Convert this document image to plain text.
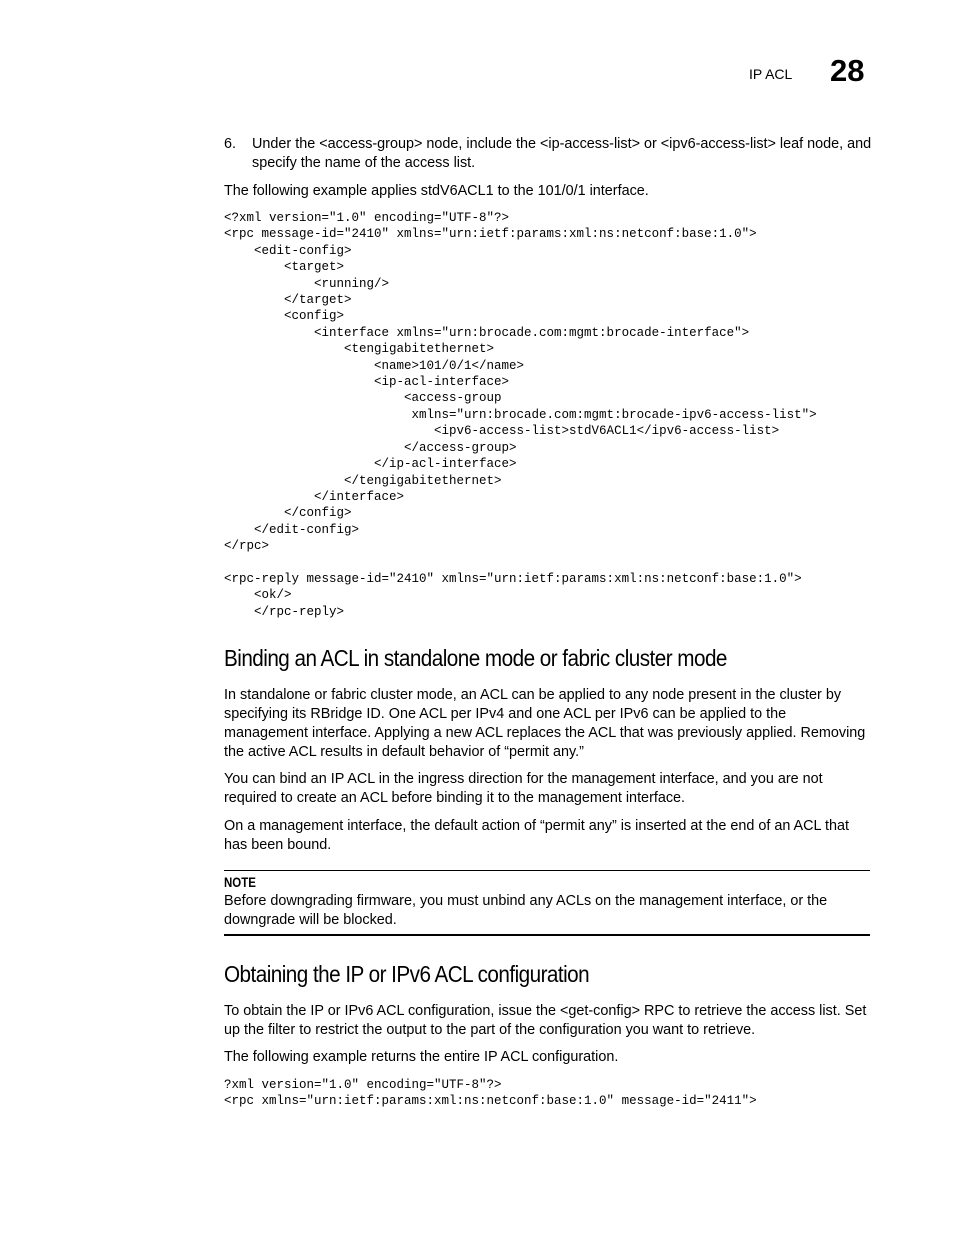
IP ACL 28
6. Under the <access-group> node, include the <ip-access-list> or <ipv6-access-list> leaf node, and specify the name of the access list.
The following example applies stdV6ACL1 to the 101/0/1 interface.
<?xml version="1.0" encoding="UTF-8"?>
<rpc message-id="2410" xmlns="urn:ietf:params:xml:ns:netconf:base:1.0">
<edit-config>
<target>
<running/>
</target>
<config>
<interface xmlns="urn:brocade.com:mgmt:brocade-interface">
<tengigabitethernet>
<name>101/0/1</name>
<ip-acl-interface>
<access-group
xmlns="urn:brocade.com:mgmt:brocade-ipv6-access-list">
<ipv6-access-list>stdV6ACL1</ipv6-access-list>
</access-group>
</ip-acl-interface>
</tengigabitethernet>
</interface>
</config>
</edit-config>
</rpc>

<rpc-reply message-id="2410" xmlns="urn:ietf:params:xml:ns:netconf:base:1.0">
<ok/>
</rpc-reply>
Binding an ACL in standalone mode or fabric cluster mode
In standalone or fabric cluster mode, an ACL can be applied to any node present in the cluster by specifying its RBridge ID. One ACL per IPv4 and one ACL per IPv6 can be applied to the management interface. Applying a new ACL replaces the ACL that was previously applied. Removing the active ACL results in default behavior of “permit any.”
You can bind an IP ACL in the ingress direction for the management interface, and you are not required to create an ACL before binding it to the management interface.
On a management interface, the default action of “permit any” is inserted at the end of an ACL that has been bound.
NOTE
Before downgrading firmware, you must unbind any ACLs on the management interface, or the downgrade will be blocked.
Obtaining the IP or IPv6 ACL configuration
To obtain the IP or IPv6 ACL configuration, issue the <get-config> RPC to retrieve the access list. Set up the filter to restrict the output to the part of the configuration you want to retrieve.
The following example returns the entire IP ACL configuration.
?xml version="1.0" encoding="UTF-8"?>
<rpc xmlns="urn:ietf:params:xml:ns:netconf:base:1.0" message-id="2411">
